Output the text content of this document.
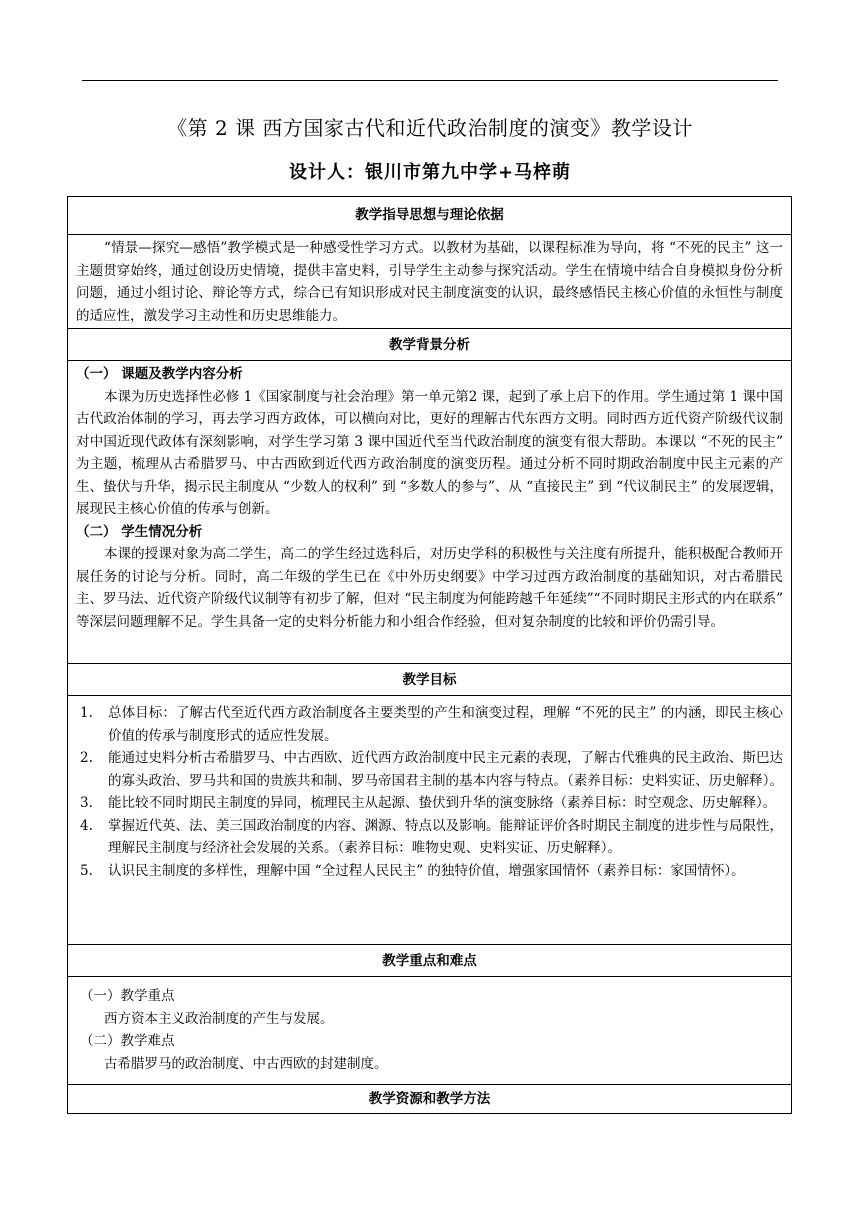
《第 2 课 西方国家古代和近代政治制度的演变》教学设计
设计人：银川市第九中学+马梓萌
教学指导思想与理论依据

“情景—探究—感悟”教学模式是一种感受性学习方式。以教材为基础，以课程标准为导向，将 “不死的民主” 这一主题贯穿始终，通过创设历史情境，提供丰富史料，引导学生主动参与探究活动。学生在情境中结合自身模拟身份分析问题，通过小组讨论、辩论等方式，综合已有知识形成对民主制度演变的认识，最终感悟民主核心价值的永恒性与制度的适应性，激发学习主动性和历史思维能力。

教学背景分析

（一） 课题及教学内容分析

本课为历史选择性必修 1《国家制度与社会治理》第一单元第2 课，起到了承上启下的作用。学生通过第 1 课中国古代政治体制的学习，再去学习西方政体，可以横向对比，更好的理解古代东西方文明。同时西方近代资产阶级代议制对中国近现代政体有深刻影响，对学生学习第 3 课中国近代至当代政治制度的演变有很大帮助。本课以 “不死的民主” 为主题，梳理从古希腊罗马、中古西欧到近代西方政治制度的演变历程。通过分析不同时期政治制度中民主元素的产生、蛰伏与升华，揭示民主制度从 “少数人的权利” 到 “多数人的参与”、从 “直接民主” 到 “代议制民主” 的发展逻辑，展现民主核心价值的传承与创新。

（二） 学生情况分析

本课的授课对象为高二学生，高二的学生经过选科后，对历史学科的积极性与关注度有所提升，能积极配合教师开展任务的讨论与分析。同时，高二年级的学生已在《中外历史纲要》中学习过西方政治制度的基础知识，对古希腊民主、罗马法、近代资产阶级代议制等有初步了解，但对 “民主制度为何能跨越千年延续”“不同时期民主形式的内在联系” 等深层问题理解不足。学生具备一定的史料分析能力和小组合作经验，但对复杂制度的比较和评价仍需引导。

教学目标
1. 总体目标：了解古代至近代西方政治制度各主要类型的产生和演变过程，理解 “不死的民主” 的内涵，即民主核心价值的传承与制度形式的适应性发展。
2. 能通过史料分析古希腊罗马、中古西欧、近代西方政治制度中民主元素的表现，了解古代雅典的民主政治、斯巴达的寡头政治、罗马共和国的贵族共和制、罗马帝国君主制的基本内容与特点。（素养目标：史料实证、历史解释）。
3. 能比较不同时期民主制度的异同，梳理民主从起源、蛰伏到升华的演变脉络（素养目标：时空观念、历史解释）。
4. 掌握近代英、法、美三国政治制度的内容、渊源、特点以及影响。能辩证评价各时期民主制度的进步性与局限性，理解民主制度与经济社会发展的关系。（素养目标：唯物史观、史料实证、历史解释）。
5. 认识民主制度的多样性，理解中国 “全过程人民民主” 的独特价值，增强家国情怀（素养目标：家国情怀）。
教学重点和难点

（一）教学重点

西方资本主义政治制度的产生与发展。

（二）教学难点

古希腊罗马的政治制度、中古西欧的封建制度。

教学资源和教学方法
